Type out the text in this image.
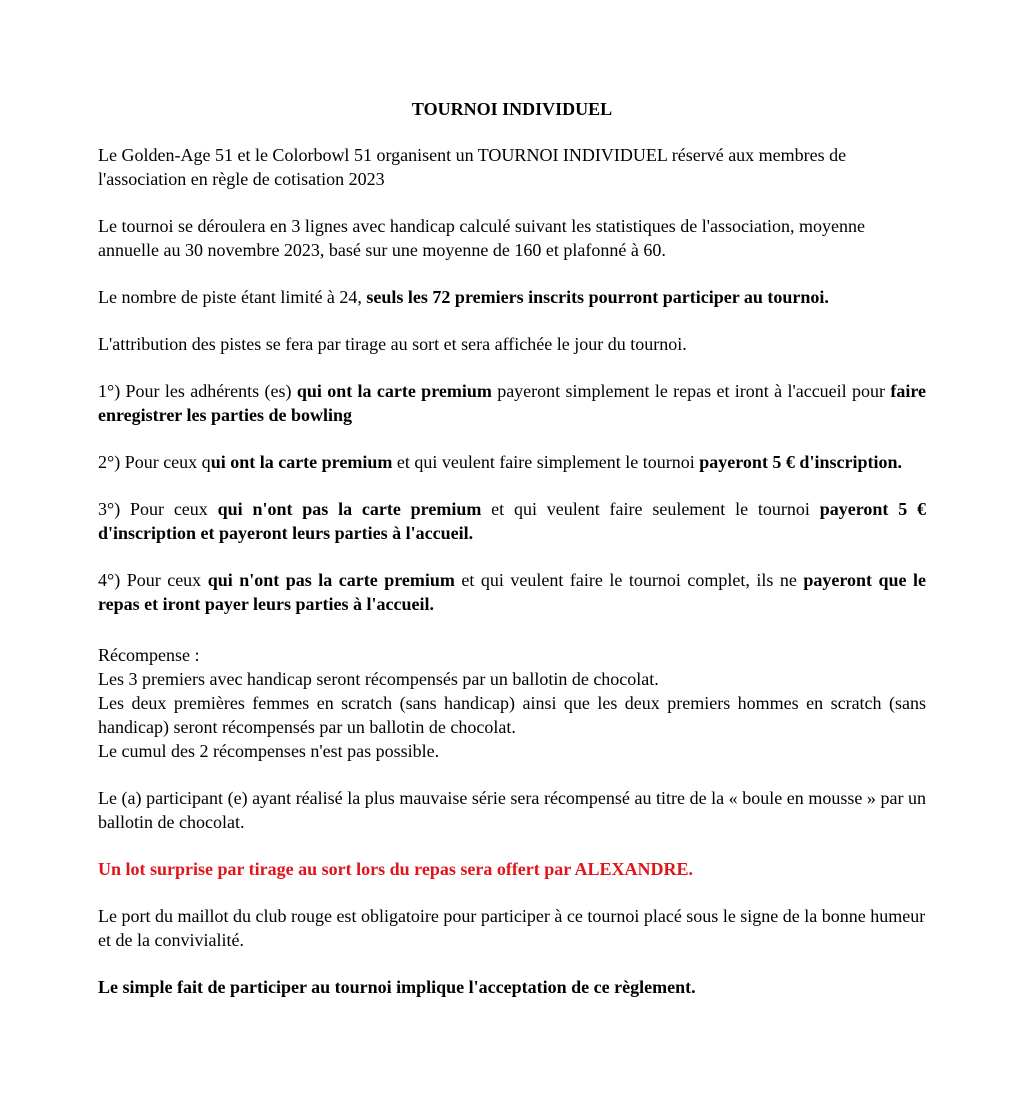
TOURNOI INDIVIDUEL

Le Golden-Age 51 et le Colorbowl 51 organisent un TOURNOI INDIVIDUEL réservé aux membres de l'association en règle de cotisation 2023

Le tournoi se déroulera en 3 lignes avec handicap calculé suivant les statistiques de l'association, moyenne annuelle au 30 novembre 2023, basé sur une moyenne de 160 et plafonné à 60.

Le nombre de piste étant limité à 24, seuls les 72 premiers inscrits pourront participer au tournoi.

L'attribution des pistes se fera par tirage au sort et sera affichée le jour du tournoi.

1°) Pour les adhérents (es) qui ont la carte premium payeront simplement le repas et iront à l'accueil pour faire enregistrer les parties de bowling

2°) Pour ceux qui ont la carte premium et qui veulent faire simplement le tournoi payeront 5 € d'inscription.

3°) Pour ceux qui n'ont pas la carte premium et qui veulent faire seulement le tournoi payeront 5 € d'inscription et payeront leurs parties à l'accueil.

4°) Pour ceux qui n'ont pas la carte premium et qui veulent faire le tournoi complet, ils ne payeront que le repas et iront payer leurs parties à l'accueil.

Récompense :
Les 3 premiers avec handicap seront récompensés par un ballotin de chocolat.
Les deux premières femmes en scratch (sans handicap) ainsi que les deux premiers hommes en scratch (sans handicap) seront récompensés par un ballotin de chocolat.
Le cumul des 2 récompenses n'est pas possible.

Le (a) participant (e) ayant réalisé la plus mauvaise série sera récompensé au titre de la « boule en mousse » par un ballotin de chocolat.

Un lot surprise par tirage au sort lors du repas sera offert par ALEXANDRE.

Le port du maillot du club rouge est obligatoire pour participer à ce tournoi placé sous le signe de la bonne humeur et de la convivialité.

Le simple fait de participer au tournoi implique l'acceptation de ce règlement.
